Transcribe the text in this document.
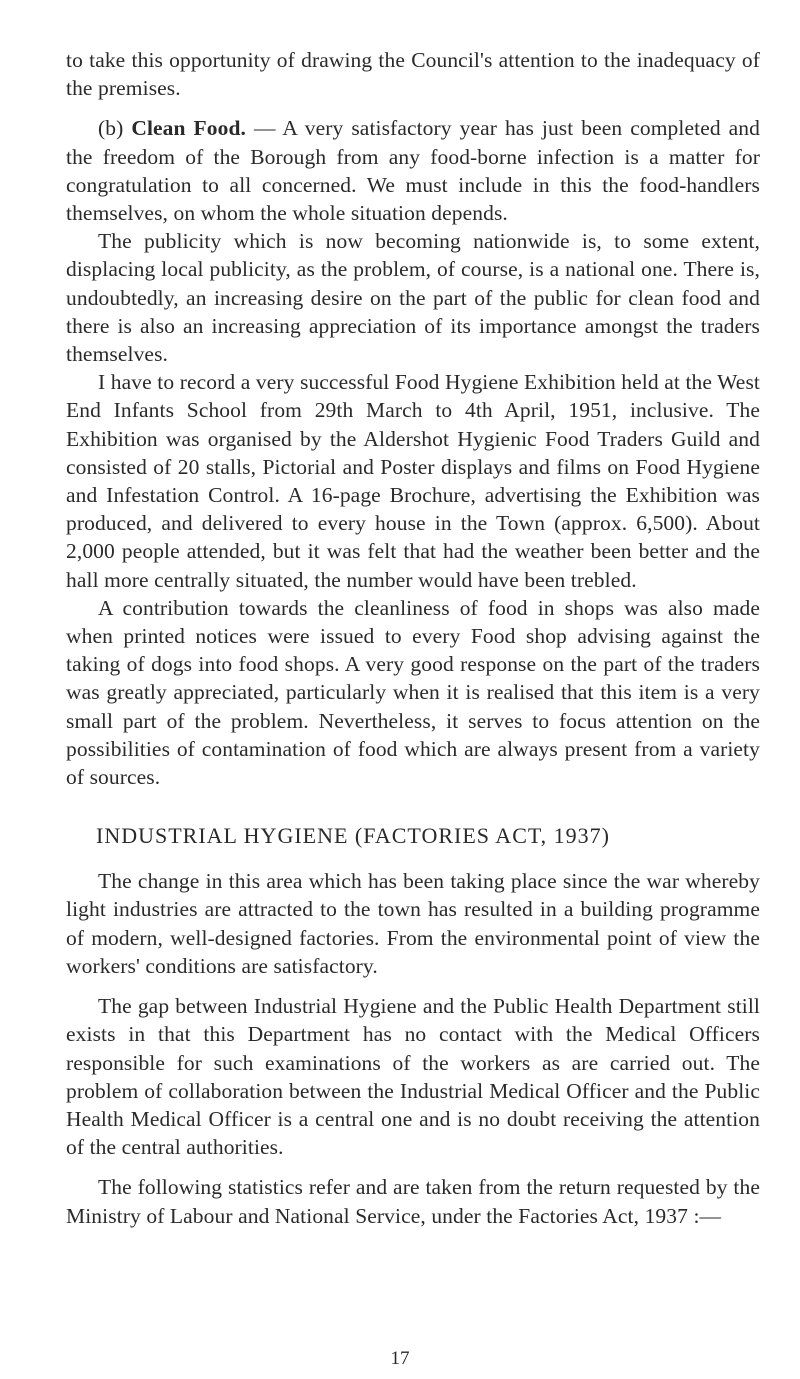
to take this opportunity of drawing the Council's attention to the inadequacy of the premises.

(b) Clean Food. — A very satisfactory year has just been completed and the freedom of the Borough from any food-borne infection is a matter for congratulation to all concerned. We must include in this the food-handlers themselves, on whom the whole situation depends.

The publicity which is now becoming nationwide is, to some extent, displacing local publicity, as the problem, of course, is a national one. There is, undoubtedly, an increasing desire on the part of the public for clean food and there is also an increasing appreciation of its importance amongst the traders themselves.

I have to record a very successful Food Hygiene Exhibition held at the West End Infants School from 29th March to 4th April, 1951, inclusive. The Exhibition was organised by the Aldershot Hygienic Food Traders Guild and consisted of 20 stalls, Pictorial and Poster displays and films on Food Hygiene and Infestation Control. A 16-page Brochure, advertising the Exhibition was produced, and delivered to every house in the Town (approx. 6,500). About 2,000 people attended, but it was felt that had the weather been better and the hall more centrally situated, the number would have been trebled.

A contribution towards the cleanliness of food in shops was also made when printed notices were issued to every Food shop advising against the taking of dogs into food shops. A very good response on the part of the traders was greatly appreciated, particularly when it is realised that this item is a very small part of the problem. Nevertheless, it serves to focus attention on the possibilities of contamination of food which are always present from a variety of sources.

INDUSTRIAL HYGIENE (FACTORIES ACT, 1937)

The change in this area which has been taking place since the war whereby light industries are attracted to the town has resulted in a building programme of modern, well-designed factories. From the environmental point of view the workers' conditions are satisfactory.

The gap between Industrial Hygiene and the Public Health Department still exists in that this Department has no contact with the Medical Officers responsible for such examinations of the workers as are carried out. The problem of collaboration between the Industrial Medical Officer and the Public Health Medical Officer is a central one and is no doubt receiving the attention of the central authorities.

The following statistics refer and are taken from the return requested by the Ministry of Labour and National Service, under the Factories Act, 1937 :—

17
